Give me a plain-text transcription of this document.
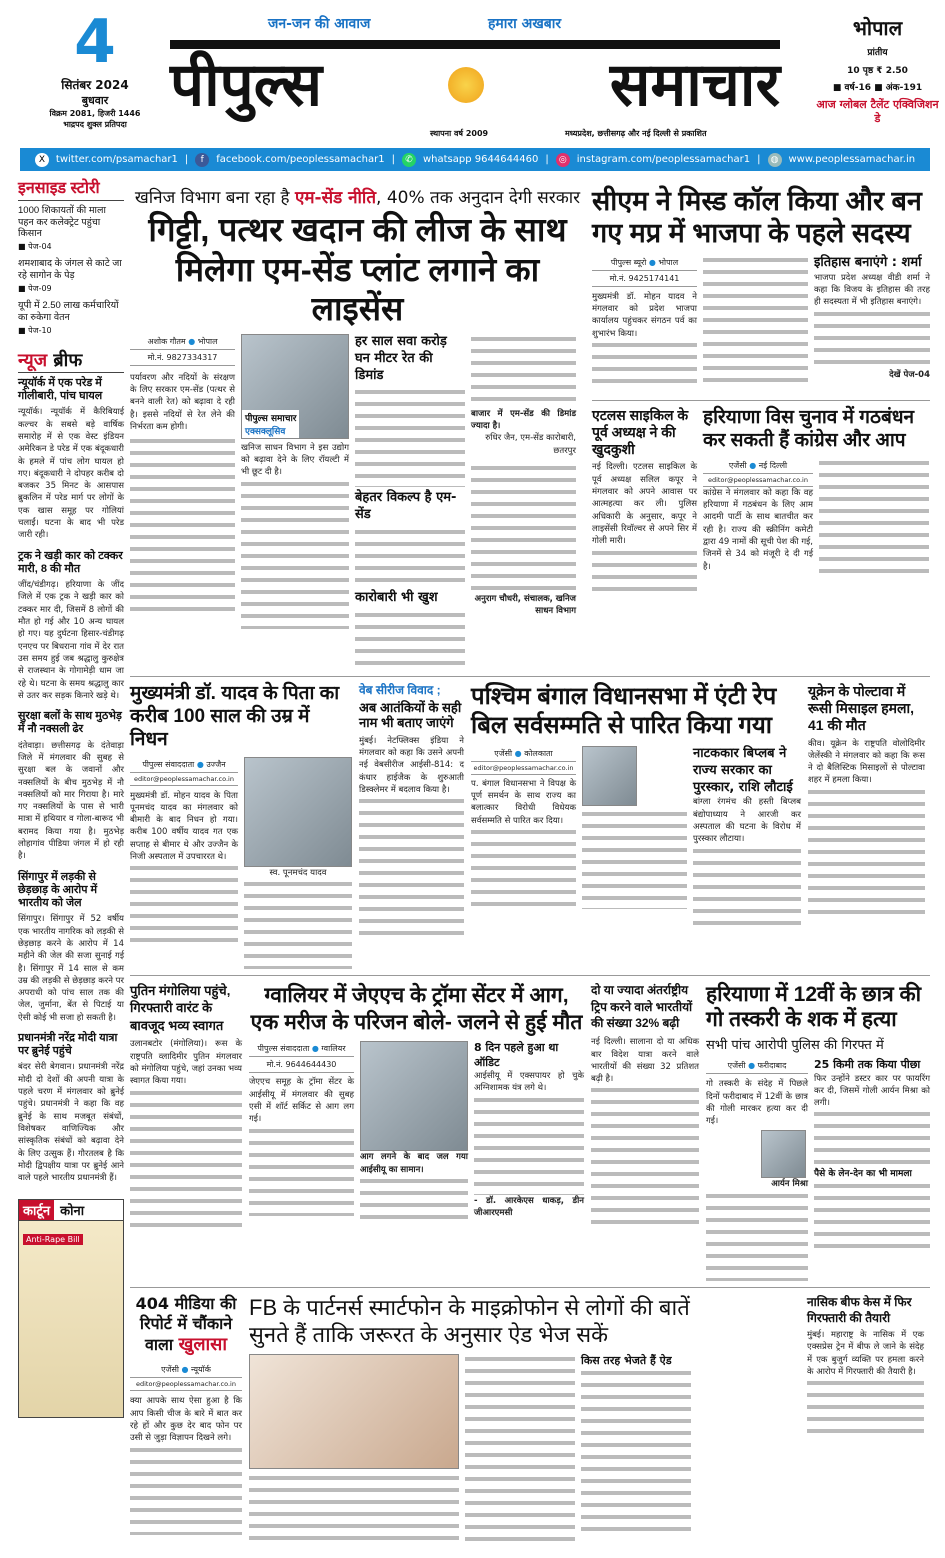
4
सितंबर 2024
बुधवार
विक्रम 2081, हिजरी 1446
भाद्रपद शुक्ल प्रतिपदा
जन-जन की आवाज	हमारा अखबार
पीपुल्स	समाचार
स्थापना वर्ष 2009	मध्यप्रदेश, छत्तीसगढ़ और नई दिल्ली से प्रकाशित
भोपाल
प्रांतीय
10 पृष्ठ ₹ 2.50
■ वर्ष-16 ■ अंक-191
आज ग्लोबल टैलेंट एक्विजिशन डे
X	twitter.com/psamachar1 |	f	facebook.com/peoplessamachar1 |	✆	whatsapp 9644644460 |	◎	instagram.com/peoplessamachar1 |	◍	www.peoplessamachar.in
इनसाइड स्टोरी
1000 शिकायतों की माला पहन कर कलेक्ट्रेट पहुंचा किसान
■ पेज-04
शमशाबाद के जंगल से काटे जा रहे सागोन के पेड़
■ पेज-09
यूपी में 2.50 लाख कर्मचारियों का रुकेगा वेतन
■ पेज-10
न्यूज ब्रीफ
न्यूयॉर्क में एक परेड में गोलीबारी, पांच घायल
न्यूयॉर्क। न्यूयॉर्क में कैरिबियाई कल्चर के सबसे बड़े वार्षिक समारोह में से एक वेस्ट इंडियन अमेरिकन डे परेड में एक बंदूकधारी के हमले में पांच लोग घायल हो गए। बंदूकधारी ने दोपहर करीब दो बजकर 35 मिनट के आसपास ब्रुकलिन में परेड मार्ग पर लोगों के एक खास समूह पर गोलियां चलाईं। घटना के बाद भी परेड जारी रही।
ट्रक ने खड़ी कार को टक्कर मारी, 8 की मौत
जींद/चंडीगढ़। हरियाणा के जींद जिले में एक ट्रक ने खड़ी कार को टक्कर मार दी, जिसमें 8 लोगों की मौत हो गई और 10 अन्य घायल हो गए। यह दुर्घटना हिसार-चंडीगढ़ एनएच पर बिधराना गांव में देर रात उस समय हुई जब श्रद्धालु कुरुक्षेत्र से राजस्थान के गोगामेड़ी धाम जा रहे थे। घटना के समय श्रद्धालु कार से उतर कर सड़क किनारे खड़े थे।
सुरक्षा बलों के साथ मुठभेड़ में नौ नक्सली ढेर
दंतेवाड़ा। छत्तीसगढ़ के दंतेवाड़ा जिले में मंगलवार की सुबह से सुरक्षा बल के जवानों और नक्सलियों के बीच मुठभेड़ में नौ नक्सलियों को मार गिराया है। मारे गए नक्सलियों के पास से भारी मात्रा में हथियार व गोला-बारूद भी बरामद किया गया है। मुठभेड़ लोहागांव पीडिया जंगल में हो रही है।
सिंगापुर में लड़की से छेड़छाड़ के आरोप में भारतीय को जेल
सिंगापुर। सिंगापुर में 52 वर्षीय एक भारतीय नागरिक को लड़की से छेड़छाड़ करने के आरोप में 14 महीने की जेल की सजा सुनाई गई है। सिंगापुर में 14 साल से कम उम्र की लड़की से छेड़छाड़ करने पर अपराधी को पांच साल तक की जेल, जुर्माना, बेंत से पिटाई या ऐसी कोई भी सजा हो सकती है।
प्रधानमंत्री नरेंद्र मोदी यात्रा पर ब्रुनेई पहुंचे
बंदर सेरी बेगवान। प्रधानमंत्री नरेंद्र मोदी दो देशों की अपनी यात्रा के पहले चरण में मंगलवार को ब्रुनेई पहुंचे। प्रधानमंत्री ने कहा कि वह ब्रुनेई के साथ मजबूत संबंधों, विशेषकर वाणिज्यिक और सांस्कृतिक संबंधों को बढ़ावा देने के लिए उत्सुक हैं। गौरतलब है कि मोदी द्विपक्षीय यात्रा पर ब्रुनेई आने वाले पहले भारतीय प्रधानमंत्री हैं।
कार्टून कोना
Anti-Rape Bill
खनिज विभाग बना रहा है एम-सेंड नीति, 40% तक अनुदान देगी सरकार
गिट्टी, पत्थर खदान की लीज के साथ मिलेगा एम-सेंड प्लांट लगाने का लाइसेंस
अशोक गौतम ● भोपाल
मो.नं. 9827334317
पर्यावरण और नदियों के संरक्षण के लिए सरकार एम-सेंड (पत्थर से बनने वाली रेत) को बढ़ावा दे रही है। इससे नदियों से रेत लेने की निर्भरता कम होगी।
पीपुल्स समाचार
एक्सक्लूसिव
खनिज साधन विभाग ने इस उद्योग को बढ़ावा देने के लिए रॉयल्टी में भी छूट दी है।
हर साल सवा करोड़ घन मीटर रेत की डिमांड
बेहतर विकल्प है एम-सेंड
कारोबारी भी खुश
बाजार में एम-सेंड की डिमांड ज्यादा है।
रुधिर जैन, एम-सेंड कारोबारी, छतरपुर
अनुराग चौधरी, संचालक, खनिज साधन विभाग
सीएम ने मिस्ड कॉल किया और बन गए मप्र में भाजपा के पहले सदस्य
पीपुल्स ब्यूरो ● भोपाल
मो.नं. 9425174141
मुख्यमंत्री डॉ. मोहन यादव ने मंगलवार को प्रदेश भाजपा कार्यालय पहुंचकर संगठन पर्व का शुभारंभ किया।
इतिहास बनाएंगे : शर्मा
भाजपा प्रदेश अध्यक्ष वीडी शर्मा ने कहा कि विजय के इतिहास की तरह ही सदस्यता में भी इतिहास बनाएंगे।
देखें पेज-04
एटलस साइकिल के पूर्व अध्यक्ष ने की खुदकुशी
नई दिल्ली। एटलस साइकिल के पूर्व अध्यक्ष सलिल कपूर ने मंगलवार को अपने आवास पर आत्महत्या कर ली। पुलिस अधिकारी के अनुसार, कपूर ने लाइसेंसी रिवॉल्वर से अपने सिर में गोली मारी।
हरियाणा विस चुनाव में गठबंधन कर सकती हैं कांग्रेस और आप
एजेंसी ● नई दिल्ली
editor@peoplessamachar.co.in
कांग्रेस ने मंगलवार को कहा कि वह हरियाणा में गठबंधन के लिए आम आदमी पार्टी के साथ बातचीत कर रही है। राज्य की स्क्रीनिंग कमेटी द्वारा 49 नामों की सूची पेश की गई, जिनमें से 34 को मंजूरी दे दी गई है।
मुख्यमंत्री डॉ. यादव के पिता का करीब 100 साल की उम्र में निधन
पीपुल्स संवाददाता ● उज्जैन
editor@peoplessamachar.co.in
मुख्यमंत्री डॉ. मोहन यादव के पिता पूनमचंद यादव का मंगलवार को बीमारी के बाद निधन हो गया। करीब 100 वर्षीय यादव गत एक सप्ताह से बीमार थे और उज्जैन के निजी अस्पताल में उपचाररत थे।
स्व. पूनमचंद यादव
वेब सीरीज विवाद ;
अब आतंकियों के सही नाम भी बताए जाएंगे
मुंबई। नेटफ्लिक्स इंडिया ने मंगलवार को कहा कि उसने अपनी नई वेबसीरीज आईसी-814: द कंधार हाईजैक के शुरुआती डिस्क्लेमर में बदलाव किया है।
पश्चिम बंगाल विधानसभा में एंटी रेप बिल सर्वसम्मति से पारित किया गया
एजेंसी ● कोलकाता
editor@peoplessamachar.co.in
प. बंगाल विधानसभा ने विपक्ष के पूर्ण समर्थन के साथ राज्य का बलात्कार विरोधी विधेयक सर्वसम्मति से पारित कर दिया।
नाटककार बिप्लब ने राज्य सरकार का पुरस्कार, राशि लौटाई
बांग्ला रंगमंच की हस्ती बिप्लब बंद्योपाध्याय ने आरजी कर अस्पताल की घटना के विरोध में पुरस्कार लौटाया।
यूक्रेन के पोल्टावा में रूसी मिसाइल हमला, 41 की मौत
कीव। यूक्रेन के राष्ट्रपति वोलोदिमीर जेलेंस्की ने मंगलवार को कहा कि रूस ने दो बैलिस्टिक मिसाइलों से पोल्टावा शहर में हमला किया।
पुतिन मंगोलिया पहुंचे, गिरफ्तारी वारंट के बावजूद भव्य स्वागत
उलानबटोर (मंगोलिया)। रूस के राष्ट्रपति व्लादिमीर पुतिन मंगलवार को मंगोलिया पहुंचे, जहां उनका भव्य स्वागत किया गया।
ग्वालियर में जेएएच के ट्रॉमा सेंटर में आग, एक मरीज के परिजन बोले- जलने से हुई मौत
पीपुल्स संवाददाता ● ग्वालियर
मो.नं. 9644644430
जेएएच समूह के ट्रॉमा सेंटर के आईसीयू में मंगलवार की सुबह एसी में शॉर्ट सर्किट से आग लग गई।
आग लगने के बाद जल गया आईसीयू का सामान।
8 दिन पहले हुआ था ऑडिट
आईसीयू में एक्सपायर हो चुके अग्निशामक यंत्र लगे थे।
- डॉ. आरकेएस धाकड़, डीन जीआरएमसी
दो या ज्यादा अंतर्राष्ट्रीय ट्रिप करने वाले भारतीयों की संख्या 32% बढ़ी
नई दिल्ली। सालाना दो या अधिक बार विदेश यात्रा करने वाले भारतीयों की संख्या 32 प्रतिशत बढ़ी है।
हरियाणा में 12वीं के छात्र की गो तस्करी के शक में हत्या
सभी पांच आरोपी पुलिस की गिरफ्त में
एजेंसी ● फरीदाबाद
गो तस्करी के संदेह में पिछले दिनों फरीदाबाद में 12वीं के छात्र की गोली मारकर हत्या कर दी गई।
आर्यन मिश्रा
25 किमी तक किया पीछा
फिर उन्होंने डस्टर कार पर फायरिंग कर दी, जिसमें गोली आर्यन मिश्रा को लगी।
पैसे के लेन-देन का भी मामला
404 मीडिया की रिपोर्ट में चौंकाने वाला खुलासा
एजेंसी ● न्यूयॉर्क
editor@peoplessamachar.co.in
क्या आपके साथ ऐसा हुआ है कि आप किसी चीज के बारे में बात कर रहे हों और कुछ देर बाद फोन पर उसी से जुड़ा विज्ञापन दिखने लगे।
FB के पार्टनर्स स्मार्टफोन के माइक्रोफोन से लोगों की बातें सुनते हैं ताकि जरूरत के अनुसार ऐड भेज सकें
किस तरह भेजते हैं ऐड
नासिक बीफ केस में फिर गिरफ्तारी की तैयारी
मुंबई। महाराष्ट्र के नासिक में एक एक्सप्रेस ट्रेन में बीफ ले जाने के संदेह में एक बुजुर्ग व्यक्ति पर हमला करने के आरोप में गिरफ्तारी की तैयारी है।
